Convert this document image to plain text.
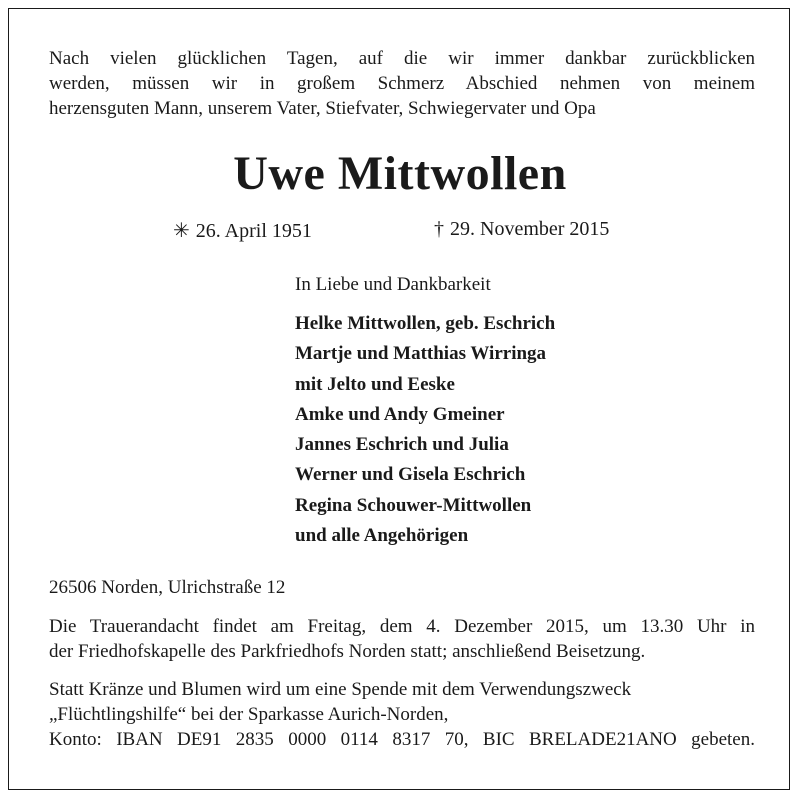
Nach vielen glücklichen Tagen, auf die wir immer dankbar zurückblicken
werden, müssen wir in großem Schmerz Abschied nehmen von meinem
herzensguten Mann, unserem Vater, Stiefvater, Schwiegervater und Opa
Uwe Mittwollen
✳ 26. April 1951	† 29. November 2015
In Liebe und Dankbarkeit
Helke Mittwollen, geb. Eschrich
Martje und Matthias Wirringa
mit Jelto und Eeske
Amke und Andy Gmeiner
Jannes Eschrich und Julia
Werner und Gisela Eschrich
Regina Schouwer-Mittwollen
und alle Angehörigen
26506 Norden, Ulrichstraße 12
Die Trauerandacht findet am Freitag, dem 4. Dezember 2015, um 13.30 Uhr in
der Friedhofskapelle des Parkfriedhofs Norden statt; anschließend Beisetzung.
Statt Kränze und Blumen wird um eine Spende mit dem Verwendungszweck
„Flüchtlingshilfe“ bei der Sparkasse Aurich-Norden,
Konto: IBAN DE91 2835 0000 0114 8317 70, BIC BRELADE21ANO gebeten.
